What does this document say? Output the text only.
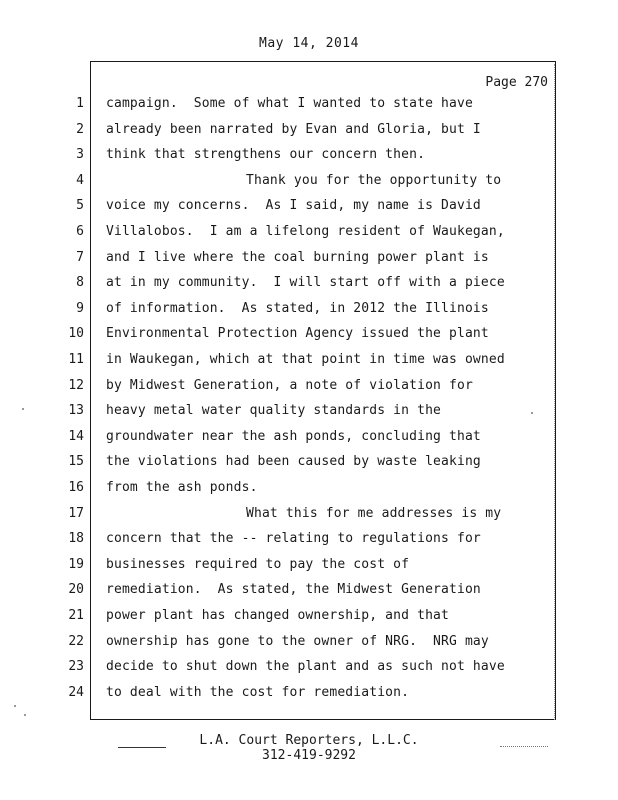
May 14, 2014
Page 270
1 campaign.  Some of what I wanted to state have
2 already been narrated by Evan and Gloria, but I
3 think that strengthens our concern then.
4	Thank you for the opportunity to
5 voice my concerns.  As I said, my name is David
6 Villalobos.  I am a lifelong resident of Waukegan,
7 and I live where the coal burning power plant is
8 at in my community.  I will start off with a piece
9 of information.  As stated, in 2012 the Illinois
10 Environmental Protection Agency issued the plant
11 in Waukegan, which at that point in time was owned
12 by Midwest Generation, a note of violation for
13 heavy metal water quality standards in the
14 groundwater near the ash ponds, concluding that
15 the violations had been caused by waste leaking
16 from the ash ponds.
17	What this for me addresses is my
18 concern that the -- relating to regulations for
19 businesses required to pay the cost of
20 remediation.  As stated, the Midwest Generation
21 power plant has changed ownership, and that
22 ownership has gone to the owner of NRG.  NRG may
23 decide to shut down the plant and as such not have
24 to deal with the cost for remediation.
L.A. Court Reporters, L.L.C.
312-419-9292
